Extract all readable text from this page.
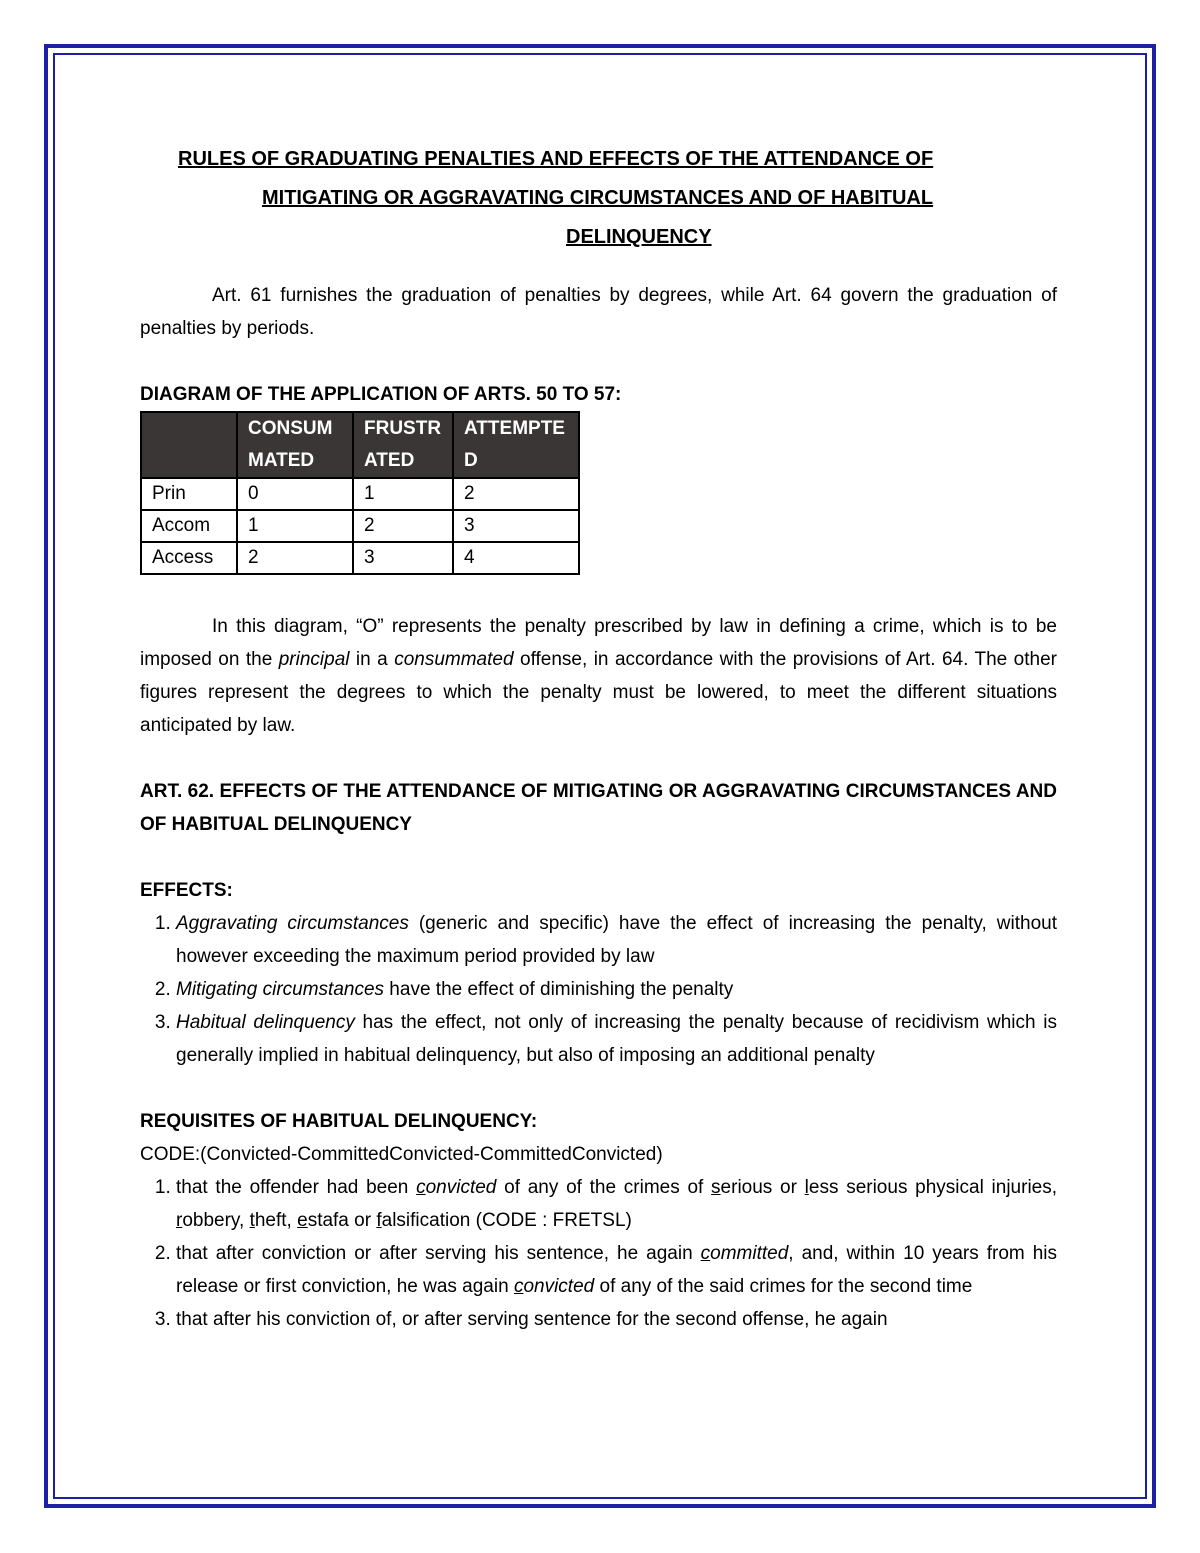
RULES OF GRADUATING PENALTIES AND EFFECTS OF THE ATTENDANCE OF
MITIGATING OR AGGRAVATING CIRCUMSTANCES AND OF HABITUAL
DELINQUENCY

Art. 61 furnishes the graduation of penalties by degrees, while Art. 64 govern the graduation of penalties by periods.

DIAGRAM OF THE APPLICATION OF ARTS. 50 TO 57:

	CONSUM MATED	FRUSTR ATED	ATTEMPTE D
Prin	0	1	2
Accom	1	2	3
Access	2	3	4

In this diagram, “O” represents the penalty prescribed by law in defining a crime, which is to be imposed on the principal in a consummated offense, in accordance with the provisions of Art. 64. The other figures represent the degrees to which the penalty must be lowered, to meet the different situations anticipated by law.

ART. 62. EFFECTS OF THE ATTENDANCE OF MITIGATING OR AGGRAVATING CIRCUMSTANCES AND OF HABITUAL DELINQUENCY

EFFECTS:

1. Aggravating circumstances (generic and specific) have the effect of increasing the penalty, without however exceeding the maximum period provided by law
2. Mitigating circumstances have the effect of diminishing the penalty
3. Habitual delinquency has the effect, not only of increasing the penalty because of recidivism which is generally implied in habitual delinquency, but also of imposing an additional penalty

REQUISITES OF HABITUAL DELINQUENCY:

CODE:(Convicted-CommittedConvicted-CommittedConvicted)

1. that the offender had been convicted of any of the crimes of serious or less serious physical injuries, robbery, theft, estafa or falsification (CODE : FRETSL)
2. that after conviction or after serving his sentence, he again committed, and, within 10 years from his release or first conviction, he was again convicted of any of the said crimes for the second time
3. that after his conviction of, or after serving sentence for the second offense, he again
